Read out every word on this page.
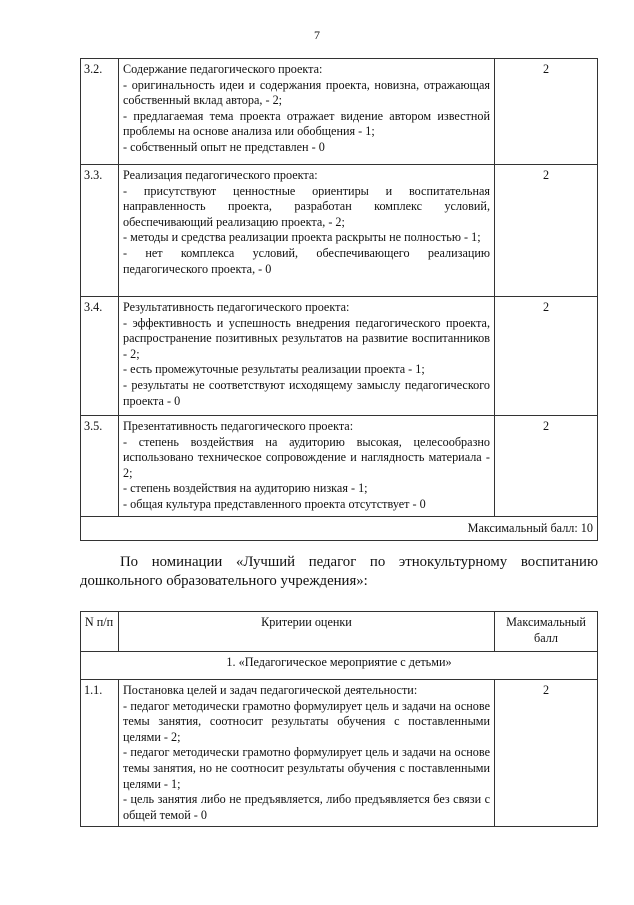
7
3.2.	Содержание педагогического проекта:
- оригинальность идеи и содержания проекта, новизна, отражающая собственный вклад автора, - 2;
- предлагаемая тема проекта отражает видение автором известной проблемы на основе анализа или обобщения - 1;
- собственный опыт не представлен - 0	2
3.3.	Реализация педагогического проекта:
- присутствуют ценностные ориентиры и воспитательная направленность проекта, разработан комплекс условий, обеспечивающий реализацию проекта, - 2;
- методы и средства реализации проекта раскрыты не полностью - 1;
- нет комплекса условий, обеспечивающего реализацию педагогического проекта, - 0	2
3.4.	Результативность педагогического проекта:
- эффективность и успешность внедрения педагогического проекта, распространение позитивных результатов на развитие воспитанников - 2;
- есть промежуточные результаты реализации проекта - 1;
- результаты не соответствуют исходящему замыслу педагогического проекта - 0	2
3.5.	Презентативность педагогического проекта:
- степень воздействия на аудиторию высокая, целесообразно использовано техническое сопровождение и наглядность материала - 2;
- степень воздействия на аудиторию низкая - 1;
- общая культура представленного проекта отсутствует - 0	2
Максимальный балл: 10		
По номинации «Лучший педагог по этнокультурному воспитанию дошкольного образовательного учреждения»:
N п/п	Критерии оценки	Максимальный балл
1. «Педагогическое мероприятие с детьми»		
1.1.	Постановка целей и задач педагогической деятельности:
- педагог методически грамотно формулирует цель и задачи на основе темы занятия, соотносит результаты обучения с поставленными целями - 2;
- педагог методически грамотно формулирует цель и задачи на основе темы занятия, но не соотносит результаты обучения с поставленными целями - 1;
- цель занятия либо не предъявляется, либо предъявляется без связи с общей темой - 0	2
